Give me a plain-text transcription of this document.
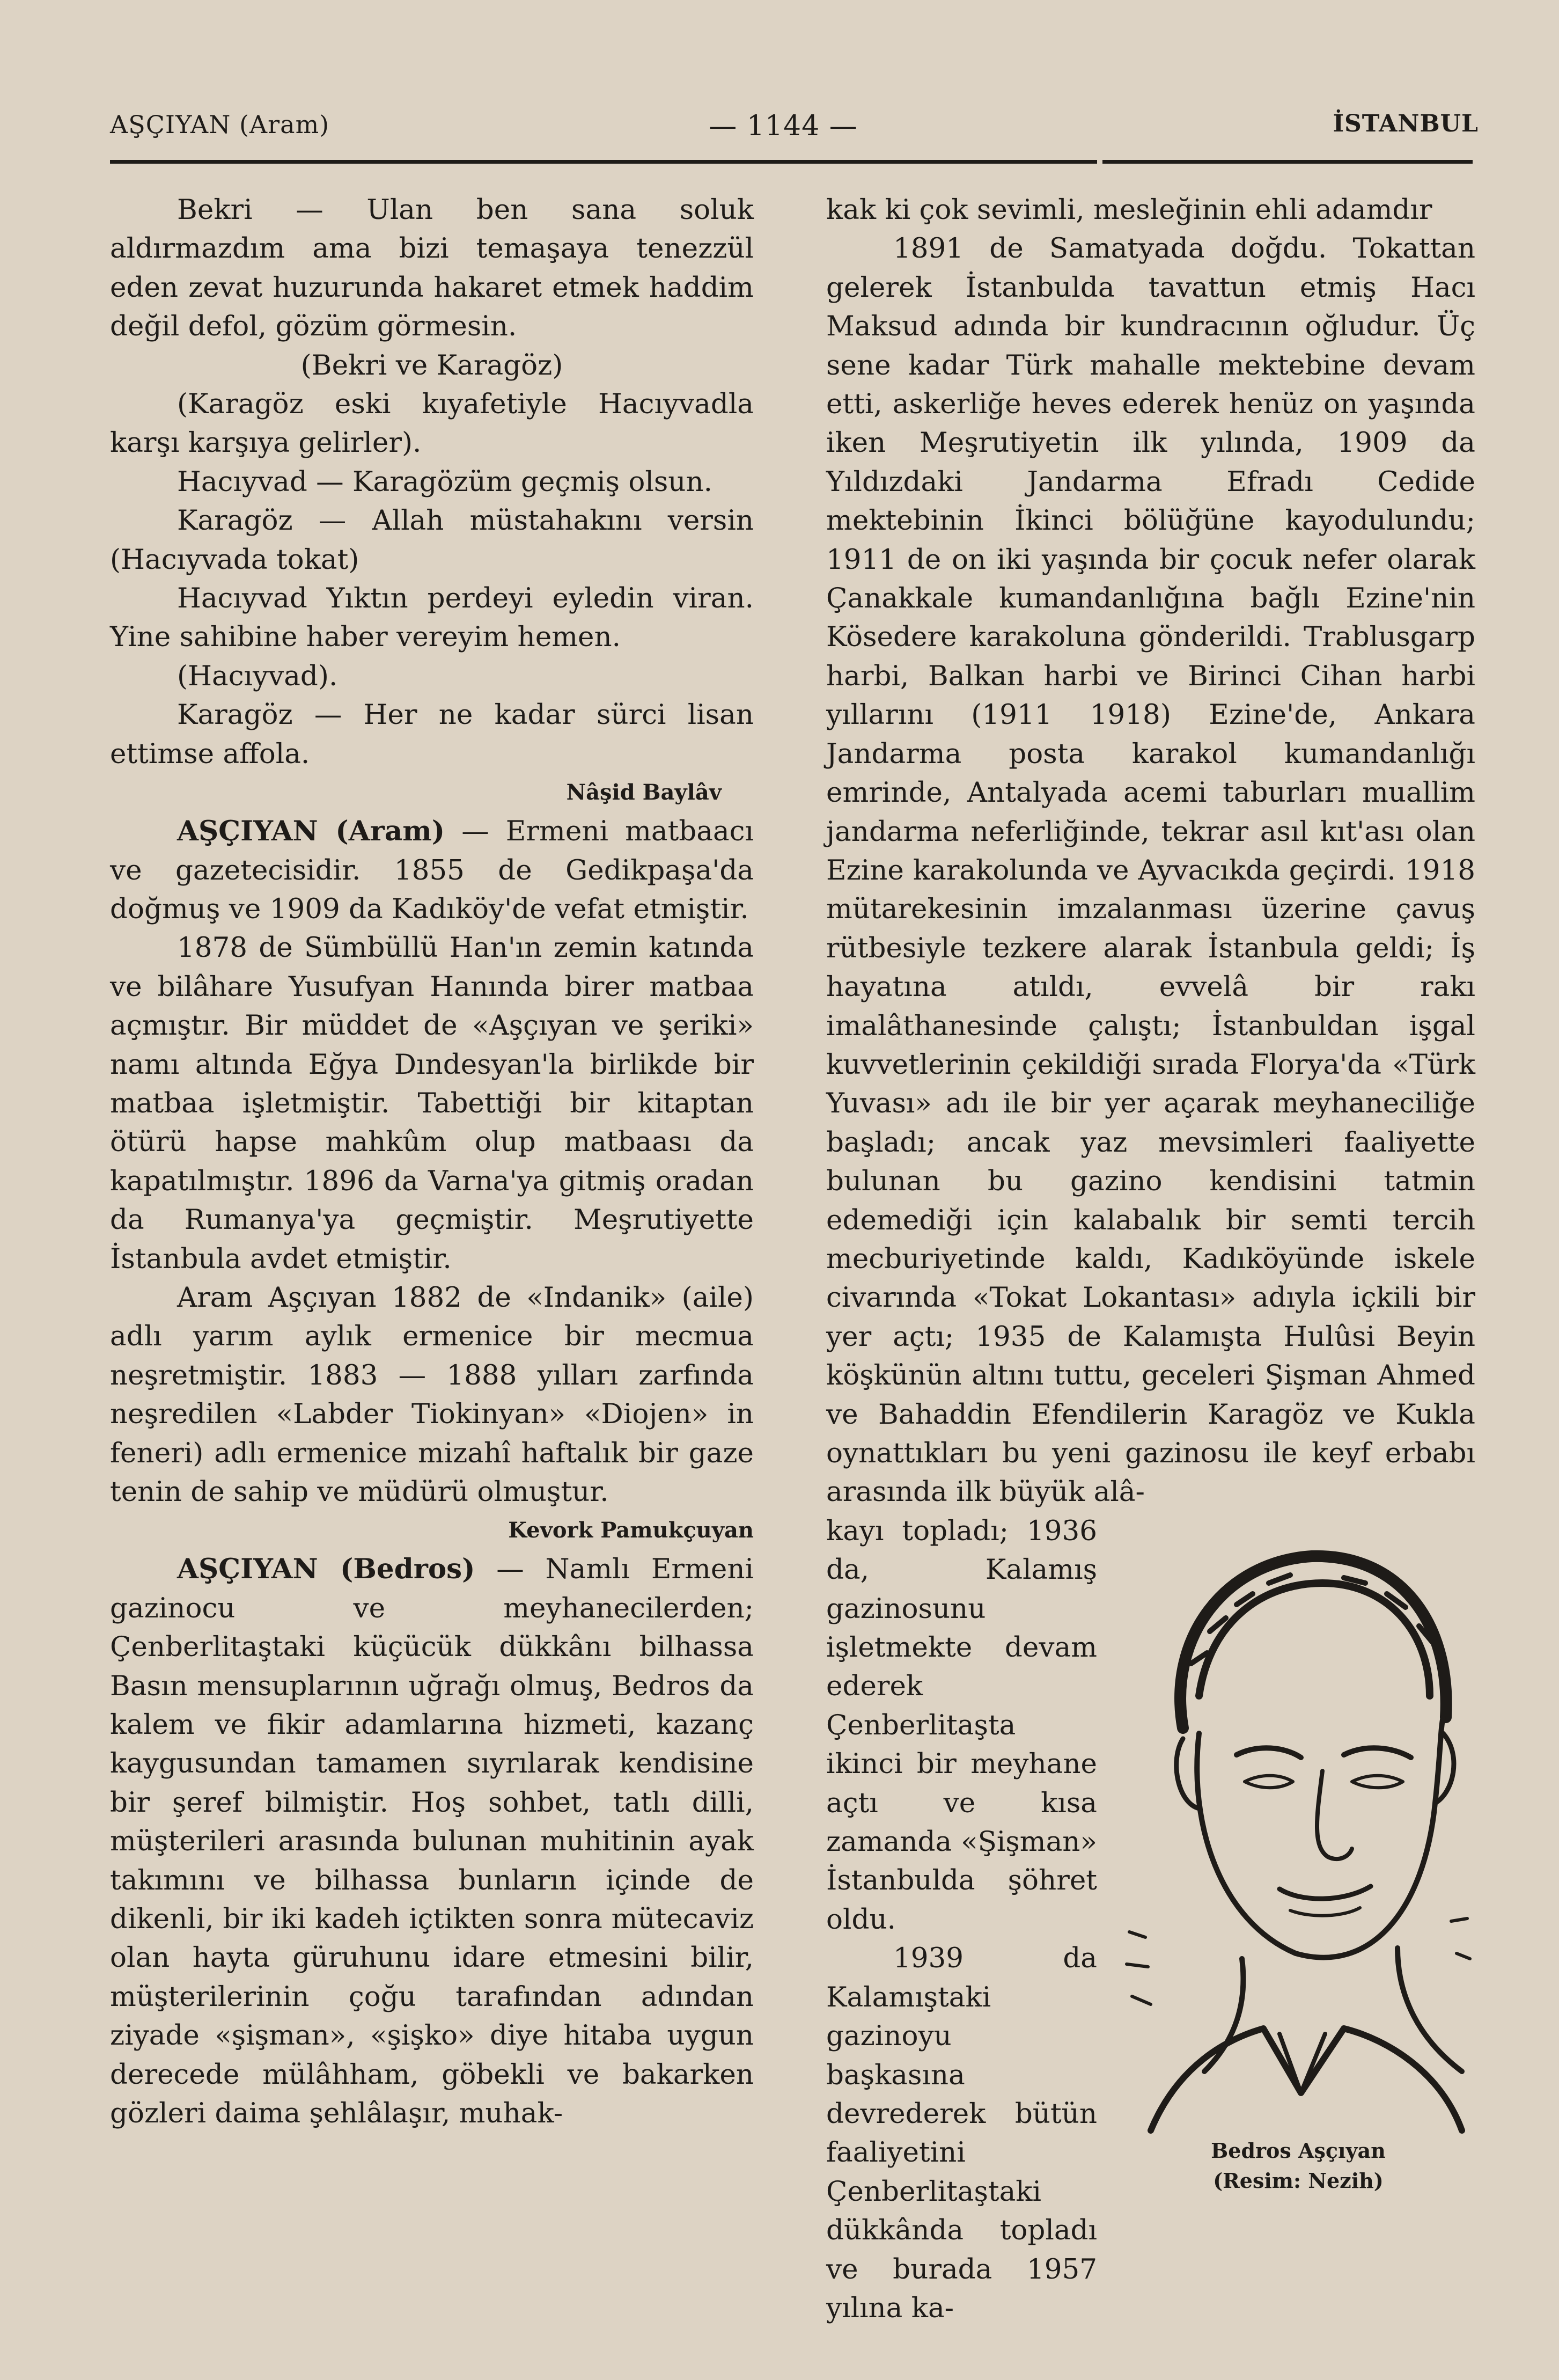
AŞÇIYAN (Aram)	— 1144 —	İSTANBUL

Bekri — Ulan ben sana soluk aldırmazdım ama bizi temaşaya tenezzül eden zevat huzurunda hakaret etmek haddim değil defol, gözüm görmesin.

(Bekri ve Karagöz)

(Karagöz eski kıyafetiyle Hacıyvadla karşı karşıya gelirler).

Hacıyvad — Karagözüm geçmiş olsun.

Karagöz — Allah müstahakını versin (Hacıyvada tokat)

Hacıyvad Yıktın perdeyi eyledin viran. Yine sahibine haber vereyim hemen.

(Hacıyvad).

Karagöz — Her ne kadar sürci lisan ettimse affola.

Nâşid Baylâv

AŞÇIYAN (Aram) — Ermeni matbaacı ve gazetecisidir. 1855 de Gedikpaşa'da doğmuş ve 1909 da Kadıköy'de vefat etmiştir.

1878 de Sümbüllü Han'ın zemin katında ve bilâhare Yusufyan Hanında birer matbaa açmıştır. Bir müddet de «Aşçıyan ve şeriki» namı altında Eğya Dındesyan'la birlikde bir matbaa işletmiştir. Tabettiği bir kitaptan ötürü hapse mahkûm olup matbaası da kapatılmıştır. 1896 da Varna'ya gitmiş oradan da Rumanya'ya geçmiştir. Meşrutiyette İstanbula avdet etmiştir.

Aram Aşçıyan 1882 de «Indanik» (aile) adlı yarım aylık ermenice bir mecmua neşretmiştir. 1883 — 1888 yılları zarfında neşredilen «Labder Tiokinyan» «Diojen» in feneri) adlı ermenice mizahî haftalık bir gaze tenin de sahip ve müdürü olmuştur.

Kevork Pamukçuyan

AŞÇIYAN (Bedros) — Namlı Ermeni gazinocu ve meyhanecilerden; Çenberlitaştaki küçücük dükkânı bilhassa Basın mensuplarının uğrağı olmuş, Bedros da kalem ve fikir adamlarına hizmeti, kazanç kaygusundan tamamen sıyrılarak kendisine bir şeref bilmiştir. Hoş sohbet, tatlı dilli, müşterileri arasında bulunan muhitinin ayak takımını ve bilhassa bunların içinde de dikenli, bir iki kadeh içtikten sonra mütecaviz olan hayta güruhunu idare etmesini bilir, müşterilerinin çoğu tarafından adından ziyade «şişman», «şişko» diye hitaba uygun derecede mülâhham, göbekli ve bakarken gözleri daima şehlâlaşır, muhak-

kak ki çok sevimli, mesleğinin ehli adamdır

1891 de Samatyada doğdu. Tokattan gelerek İstanbulda tavattun etmiş Hacı Maksud adında bir kundracının oğludur. Üç sene kadar Türk mahalle mektebine devam etti, askerliğe heves ederek henüz on yaşında iken Meşrutiyetin ilk yılında, 1909 da Yıldızdaki Jandarma Efradı Cedide mektebinin İkinci bölüğüne kayodulundu; 1911 de on iki yaşında bir çocuk nefer olarak Çanakkale kumandanlığına bağlı Ezine'nin Kösedere karakoluna gönderildi. Trablusgarp harbi, Balkan harbi ve Birinci Cihan harbi yıllarını (1911 1918) Ezine'de, Ankara Jandarma posta karakol kumandanlığı emrinde, Antalyada acemi taburları muallim jandarma neferliğinde, tekrar asıl kıt'ası olan Ezine karakolunda ve Ayvacıkda geçirdi. 1918 mütarekesinin imzalanması üzerine çavuş rütbesiyle tezkere alarak İstanbula geldi; İş hayatına atıldı, evvelâ bir rakı imalâthanesinde çalıştı; İstanbuldan işgal kuvvetlerinin çekildiği sırada Florya'da «Türk Yuvası» adı ile bir yer açarak meyhaneciliğe başladı; ancak yaz mevsimleri faaliyette bulunan bu gazino kendisini tatmin edemediği için kalabalık bir semti tercih mecburiyetinde kaldı, Kadıköyünde iskele civarında «Tokat Lokantası» adıyla içkili bir yer açtı; 1935 de Kalamışta Hulûsi Beyin köşkünün altını tuttu, geceleri Şişman Ahmed ve Bahaddin Efendilerin Karagöz ve Kukla oynattıkları bu yeni gazinosu ile keyf erbabı arasında ilk büyük alâ-

kayı topladı; 1936 da, Kalamış gazinosunu işletmekte devam ederek Çenberlitaşta ikinci bir meyhane açtı ve kısa zamanda «Şişman» İstanbulda şöhret oldu.

1939 da Kalamıştaki gazinoyu başkasına devrederek bütün faaliyetini Çenberlitaştaki dükkânda topladı ve burada 1957 yılına ka-

Bedros Aşçıyan
(Resim: Nezih)
